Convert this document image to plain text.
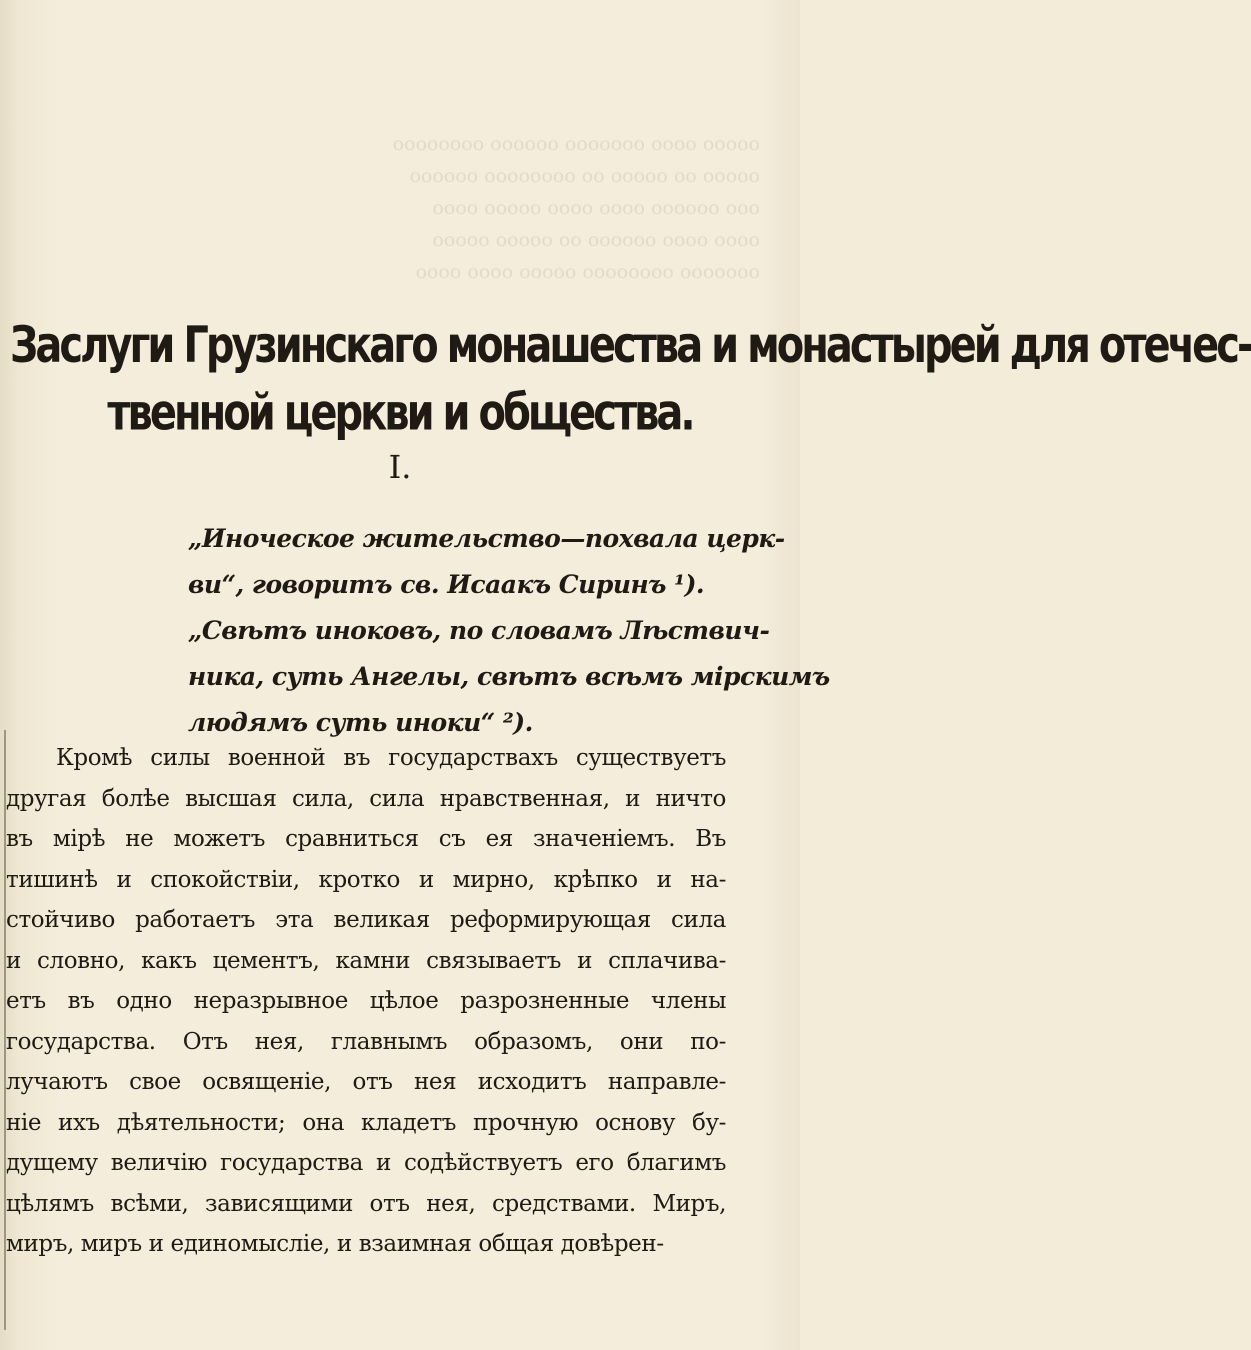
ооооо оооо ооооооо оооооо оооооооо
ооооо оо ооооо оо оооооооо оооооо
ооо оооооо оооо оооо ооооо оооо
оооо оооо оооооо оо ооооо ооооо
ооооооо оооооооо ооооо оооо оооо
Заслуги Грузинскаго монашества и монастырей для отечес-
твенной церкви и общества.
I.
„Иноческое жительство—похвала церк-
ви“, говоритъ св. Исаакъ Сиринъ ¹).
„Свѣтъ иноковъ, по словамъ Лѣствич-
ника, суть Ангелы, свѣтъ всѣмъ мірскимъ
людямъ суть иноки“ ²).
Кромѣ силы военной въ государствахъ существуетъ
другая болѣе высшая сила, сила нравственная, и ничто
въ мірѣ не можетъ сравниться съ ея значеніемъ. Въ
тишинѣ и спокойствіи, кротко и мирно, крѣпко и на-
стойчиво работаетъ эта великая реформирующая сила
и словно, какъ цементъ, камни связываетъ и сплачива-
етъ въ одно неразрывное цѣлое разрозненные члены
государства. Отъ нея, главнымъ образомъ, они по-
лучаютъ свое освященіе, отъ нея исходитъ направле-
ніе ихъ дѣятельности; она кладетъ прочную основу бу-
дущему величію государства и содѣйствуетъ его благимъ
цѣлямъ всѣми, зависящими отъ нея, средствами. Миръ,
миръ, миръ и единомысліе, и взаимная общая довѣрен-
